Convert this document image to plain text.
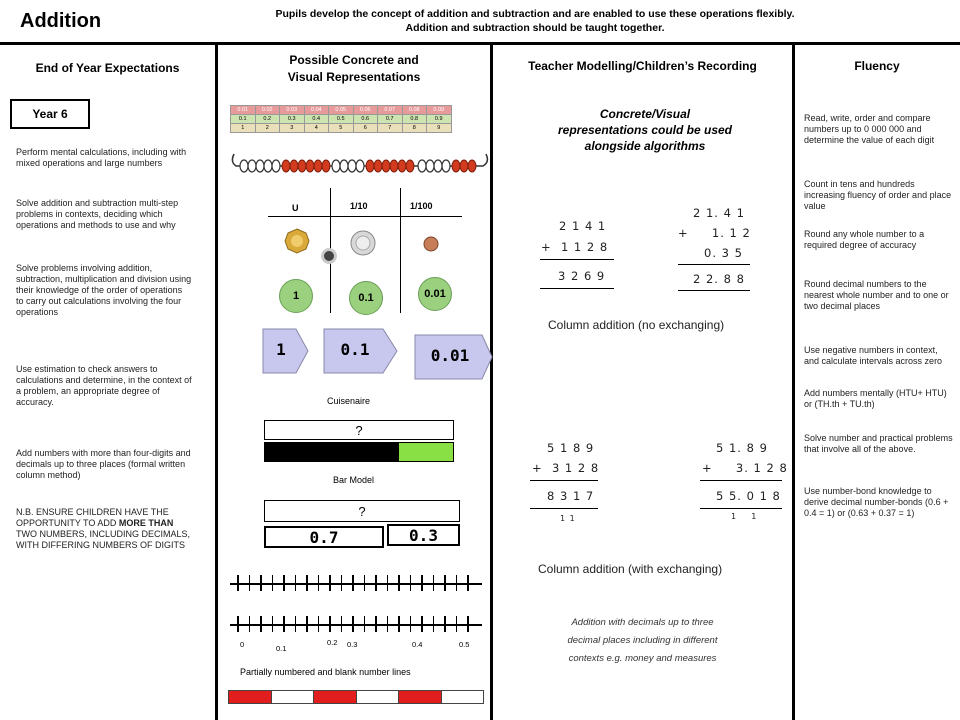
Addition	Pupils develop the concept of addition and subtraction and are enabled to use these operations flexibly.
Addition and subtraction should be taught together.
End of Year Expectations
Possible Concrete and
Visual Representations
Teacher Modelling/Children’s Recording	Fluency
Year 6
Perform mental calculations, including with mixed operations and large numbers
Solve addition and subtraction multi-step problems in contexts, deciding which operations and methods to use and why
Solve problems involving addition, subtraction, multiplication and division using their knowledge of the order of operations to carry out calculations involving the four operations
Use estimation to check answers to calculations and determine, in the context of a problem, an appropriate degree of accuracy.
Add numbers with more than four-digits and decimals up to three places (formal written column method)
N.B. ENSURE CHILDREN HAVE THE OPPORTUNITY TO ADD MORE THAN TWO NUMBERS, INCLUDING DECIMALS, WITH DIFFERING NUMBERS OF DIGITS
0.01	0.02	0.03	0.04	0.05	0.06	0.07	0.08	0.09
0.1	0.2	0.3	0.4	0.5	0.6	0.7	0.8	0.9
1	2	3	4	5	6	7	8	9
U	1/10	1/100
1	0.1	0.01
1	0.1	0.01
Cuisenaire
?
Bar Model
?
0.7	0.3
0	0.1
0.2 0.3	0.4	0.5
Partially numbered and blank number lines
Concrete/Visual
representations could be used
alongside algorithms
2 1 4 1
+  1 1 2 8
3 2 6 9
2 1. 4 1
+     1. 1 2
0. 3 5
2 2. 8 8
Column addition (no exchanging)
5 1 8 9
+  3 1 2 8
8 3 1 7
1 1
5 1. 8 9
+     3. 1 2 8
5 5. 0 1 8
1    1
Column addition (with exchanging)
Addition with decimals up to three
decimal places including in different
contexts e.g. money and measures
Read, write, order and compare numbers up to 0 000 000 and determine the value of each digit
Count in tens and hundreds increasing fluency of order and place value
Round any whole number to a required degree of accuracy
Round decimal numbers to the nearest whole number and to one or two decimal places
Use negative numbers in context, and calculate intervals across zero
Add numbers mentally (HTU+ HTU) or (TH.th + TU.th)
Solve number and practical problems that involve all of the above.
Use number-bond knowledge to derive decimal number-bonds (0.6 + 0.4 = 1) or (0.63 + 0.37 = 1)
